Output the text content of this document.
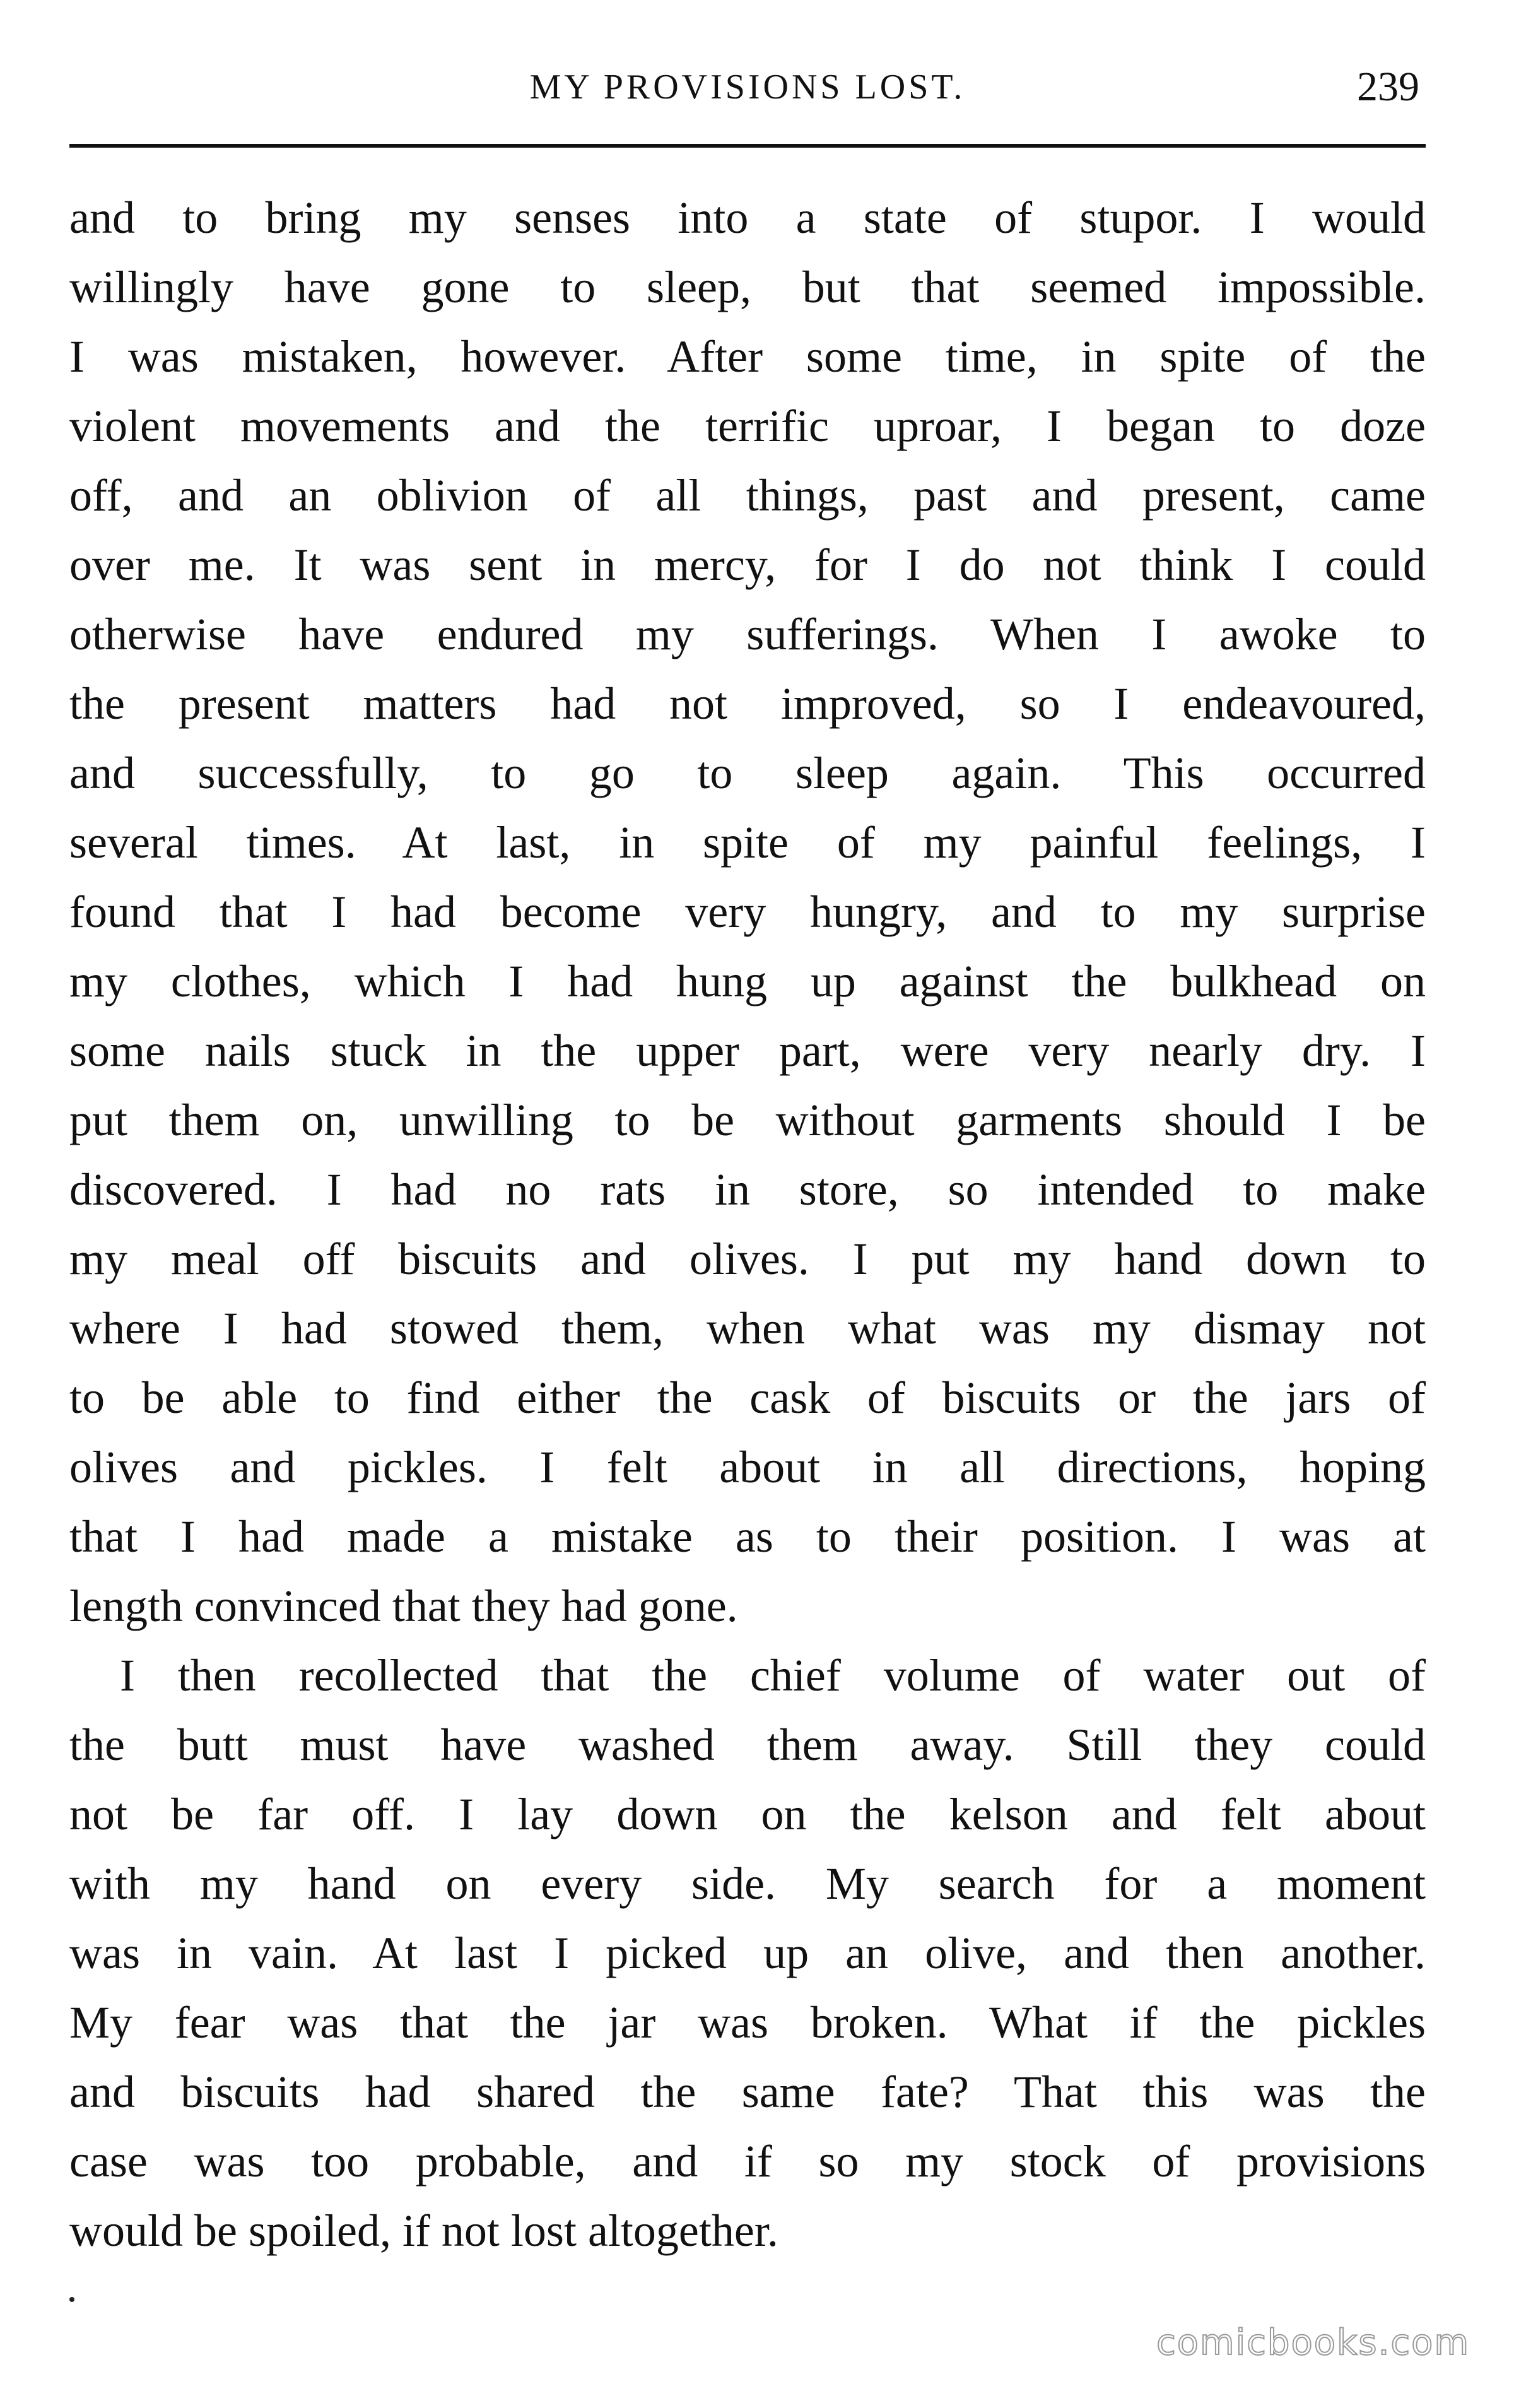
MY PROVISIONS LOST.	239
and to bring my senses into a state of stupor. I would
willingly have gone to sleep, but that seemed impossible.
I was mistaken, however. After some time, in spite of the
violent movements and the terrific uproar, I began to doze
off, and an oblivion of all things, past and present, came
over me. It was sent in mercy, for I do not think I could
otherwise have endured my sufferings. When I awoke to
the present matters had not improved, so I endeavoured,
and successfully, to go to sleep again. This occurred
several times. At last, in spite of my painful feelings, I
found that I had become very hungry, and to my surprise
my clothes, which I had hung up against the bulkhead on
some nails stuck in the upper part, were very nearly dry. I
put them on, unwilling to be without garments should I be
discovered. I had no rats in store, so intended to make
my meal off biscuits and olives. I put my hand down to
where I had stowed them, when what was my dismay not
to be able to find either the cask of biscuits or the jars of
olives and pickles. I felt about in all directions, hoping
that I had made a mistake as to their position. I was at
length convinced that they had gone.
I then recollected that the chief volume of water out of
the butt must have washed them away. Still they could
not be far off. I lay down on the kelson and felt about
with my hand on every side. My search for a moment
was in vain. At last I picked up an olive, and then another.
My fear was that the jar was broken. What if the pickles
and biscuits had shared the same fate? That this was the
case was too probable, and if so my stock of provisions
would be spoiled, if not lost altogether.
comicbooks.com
